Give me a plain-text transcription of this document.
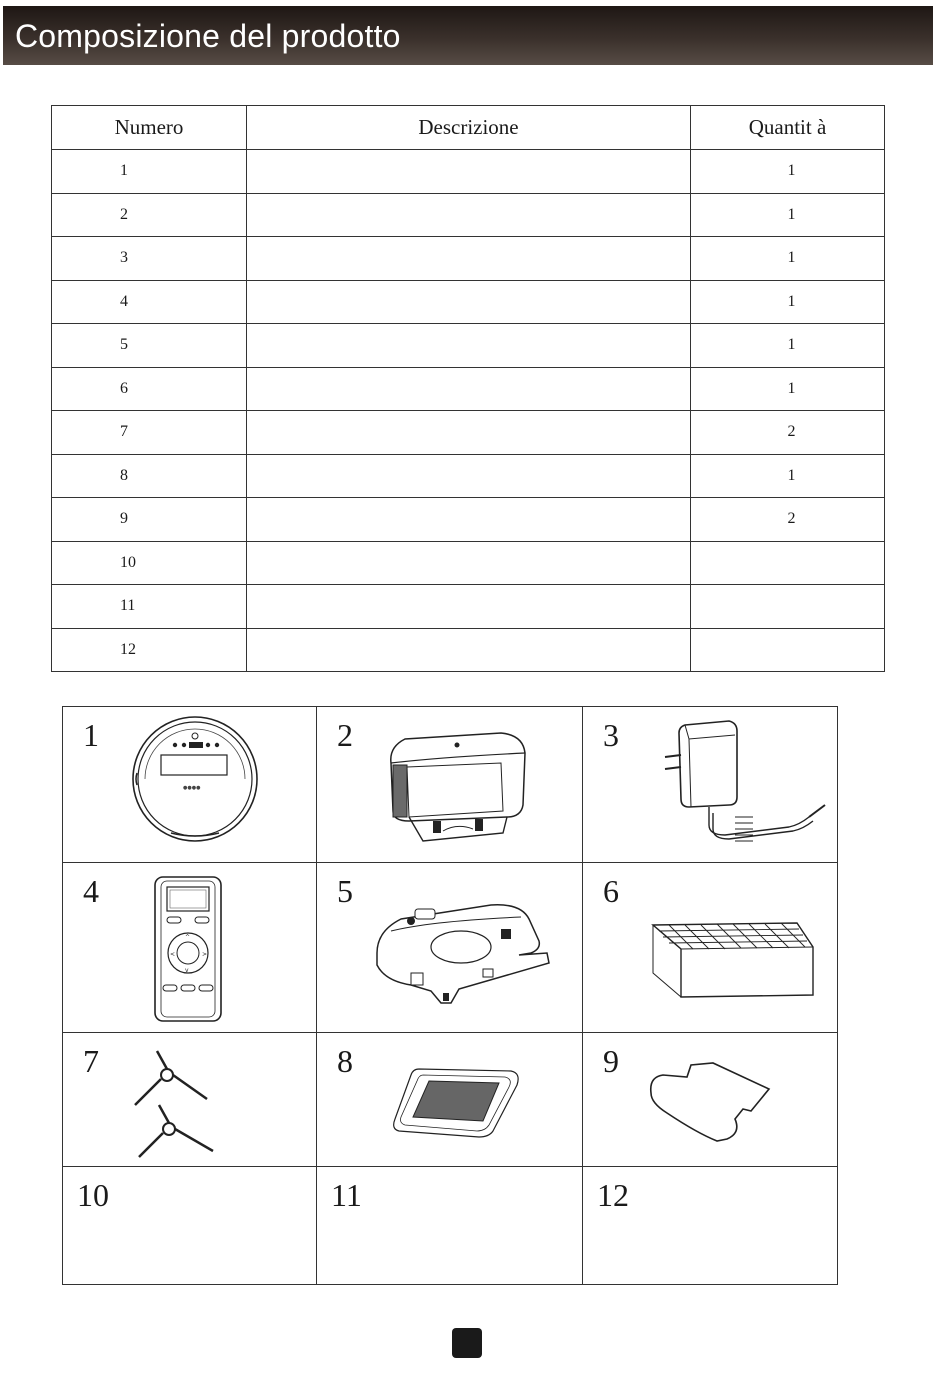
Composizione del prodotto
Numero	Descrizione	Quantit à
1		1
2		1
3		1
4		1
5		1
6		1
7		2
8		1
9		2
10		
11		
12		
1
●●●●	2	3

4
^
< >
v	5	6

7	8	9

10	11	12
